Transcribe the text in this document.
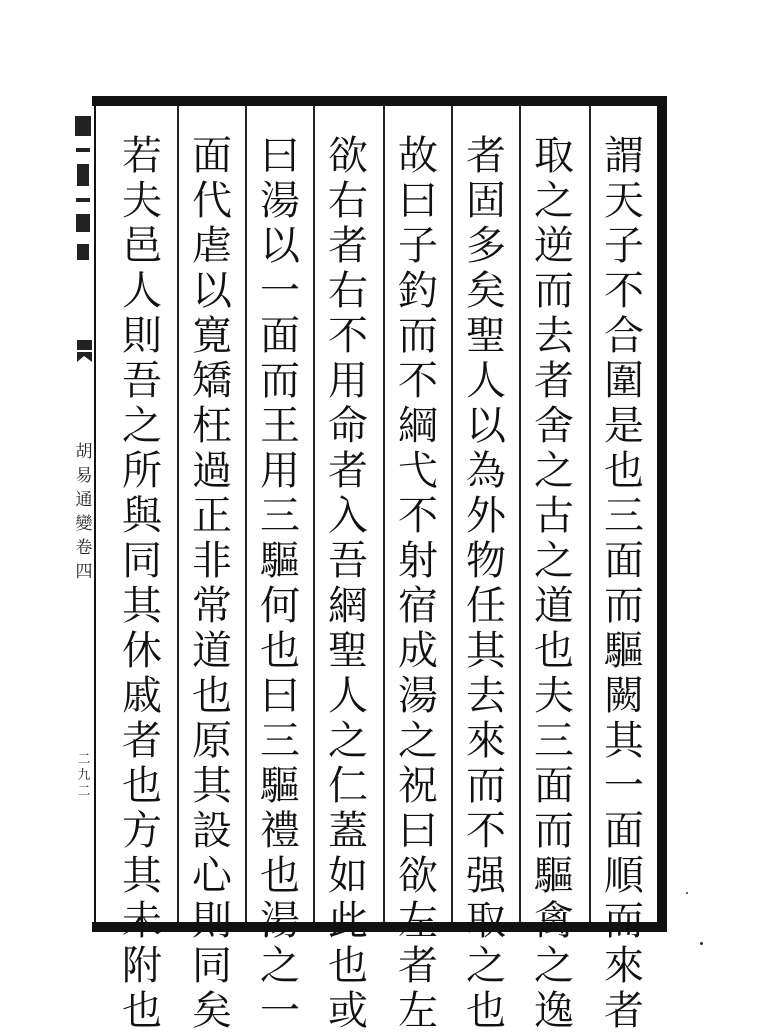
謂
天
子
不
合
圍
是
也
三
面
而
驅
闕
其
一
面
順
而
來
者
取
之
逆
而
去
者
舍
之
古
之
道
也
夫
三
面
而
驅
禽
之
逸
者
固
多
矣
聖
人
以
為
外
物
任
其
去
來
而
不
强
取
之
也
故
曰
子
釣
而
不
綱
弋
不
射
宿
成
湯
之
祝
曰
欲
左
者
左
欲
右
者
右
不
用
命
者
入
吾
網
聖
人
之
仁
蓋
如
此
也
或
曰
湯
以
一
面
而
王
用
三
驅
何
也
曰
三
驅
禮
也
湯
之
一
面
代
虐
以
寛
矯
枉
過
正
非
常
道
也
原
其
設
心
則
同
矣
若
夫
邑
人
則
吾
之
所
與
同
其
休
戚
者
也
方
其
未
附
也
胡
易
通
變
卷
四
二
九
二
